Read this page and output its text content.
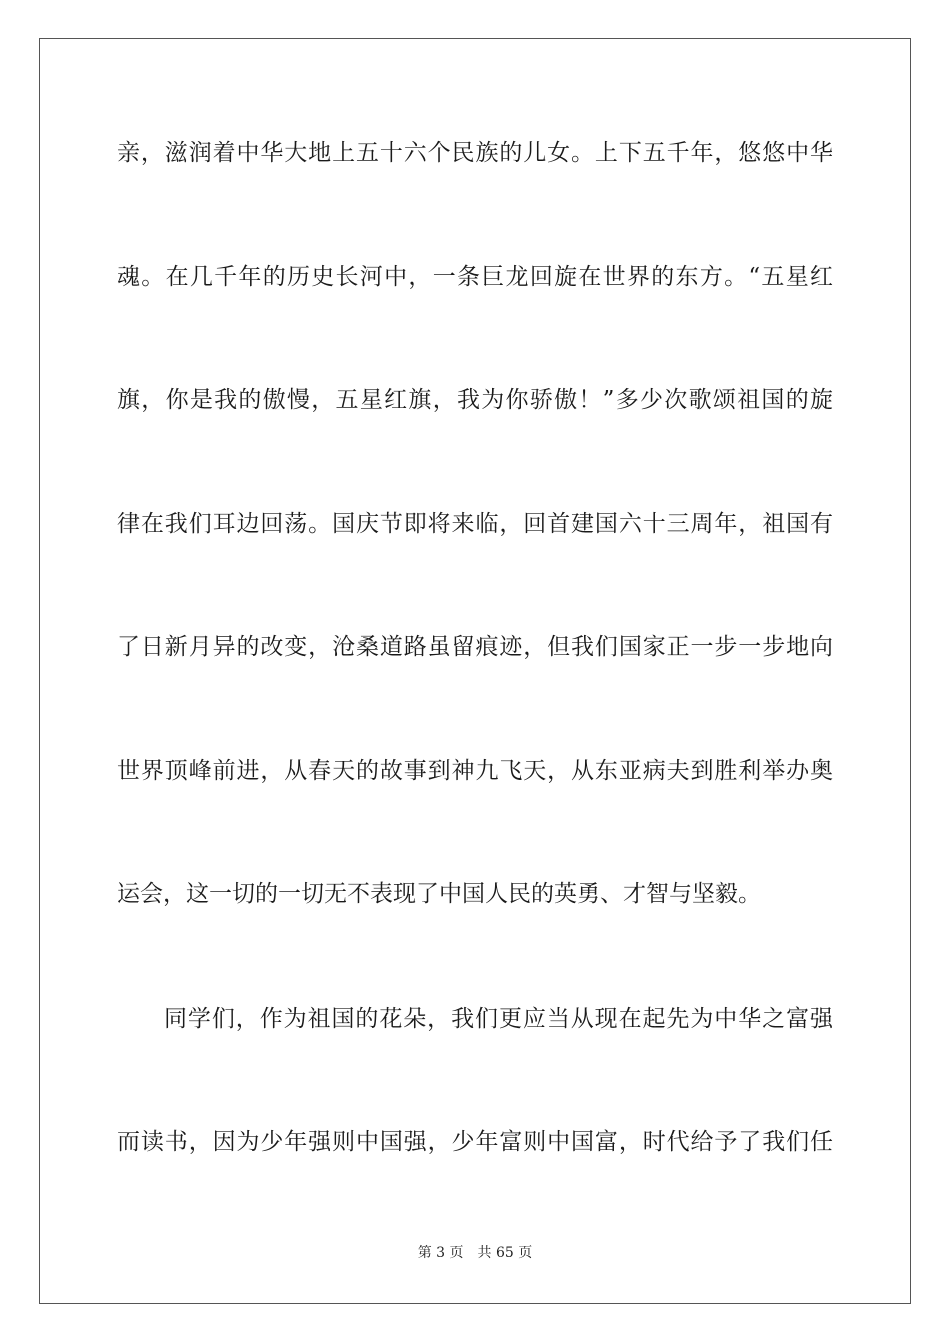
亲，滋润着中华大地上五十六个民族的儿女。上下五千年，悠悠中华
魂。在几千年的历史长河中，一条巨龙回旋在世界的东方。“五星红
旗，你是我的傲慢，五星红旗，我为你骄傲！”多少次歌颂祖国的旋
律在我们耳边回荡。国庆节即将来临，回首建国六十三周年，祖国有
了日新月异的改变，沧桑道路虽留痕迹，但我们国家正一步一步地向
世界顶峰前进，从春天的故事到神九飞天，从东亚病夫到胜利举办奥
运会，这一切的一切无不表现了中国人民的英勇、才智与坚毅。
同学们，作为祖国的花朵，我们更应当从现在起先为中华之富强
而读书，因为少年强则中国强，少年富则中国富，时代给予了我们任
第 3 页 共 65 页
